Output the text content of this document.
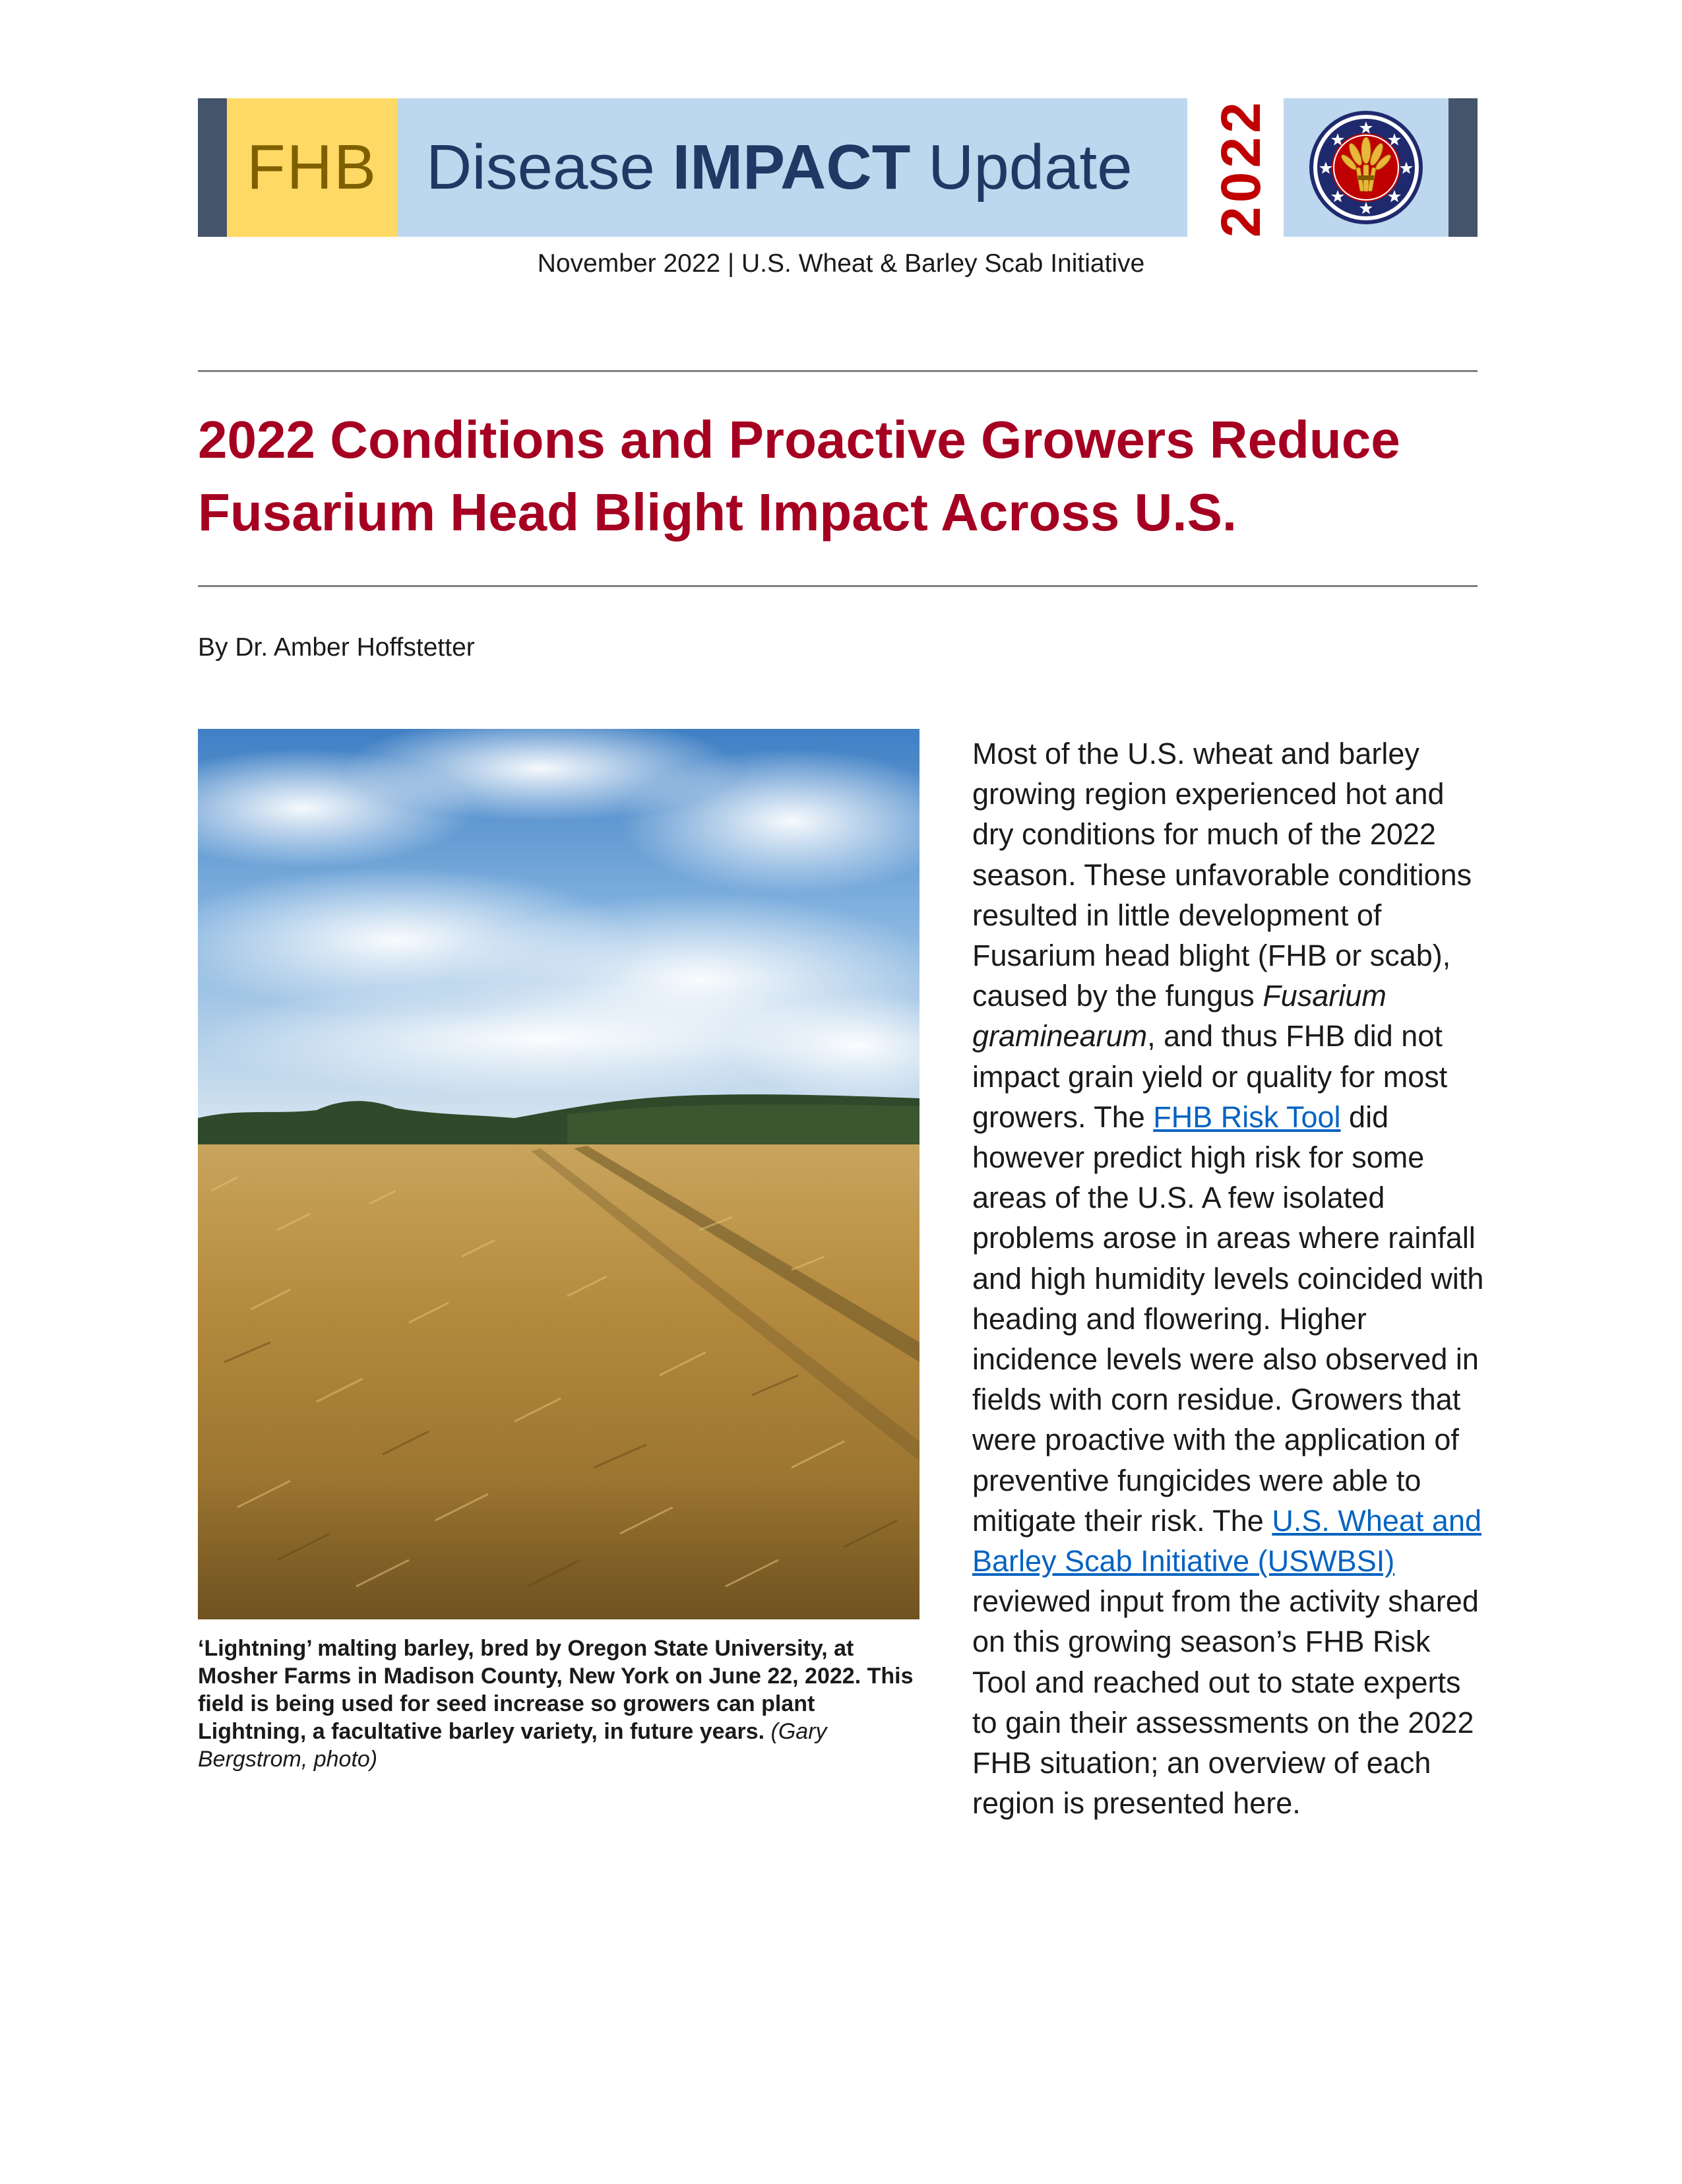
FHB Disease IMPACT Update 2022
November 2022 | U.S. Wheat & Barley Scab Initiative
2022 Conditions and Proactive Growers Reduce
Fusarium Head Blight Impact Across U.S.
By Dr. Amber Hoffstetter
‘Lightning’ malting barley, bred by Oregon State University, at Mosher Farms in Madison County, New York on June 22, 2022. This field is being used for seed increase so growers can plant Lightning, a facultative barley variety, in future years. (Gary Bergstrom, photo)
Most of the U.S. wheat and barley growing region experienced hot and dry conditions for much of the 2022 season. These unfavorable conditions resulted in little development of Fusarium head blight (FHB or scab), caused by the fungus Fusarium graminearum, and thus FHB did not impact grain yield or quality for most growers. The FHB Risk Tool did however predict high risk for some areas of the U.S. A few isolated problems arose in areas where rainfall and high humidity levels coincided with heading and flowering. Higher incidence levels were also observed in fields with corn residue. Growers that were proactive with the application of preventive fungicides were able to mitigate their risk. The U.S. Wheat and Barley Scab Initiative (USWBSI) reviewed input from the activity shared on this growing season’s FHB Risk Tool and reached out to state experts to gain their assessments on the 2022 FHB situation; an overview of each region is presented here.
